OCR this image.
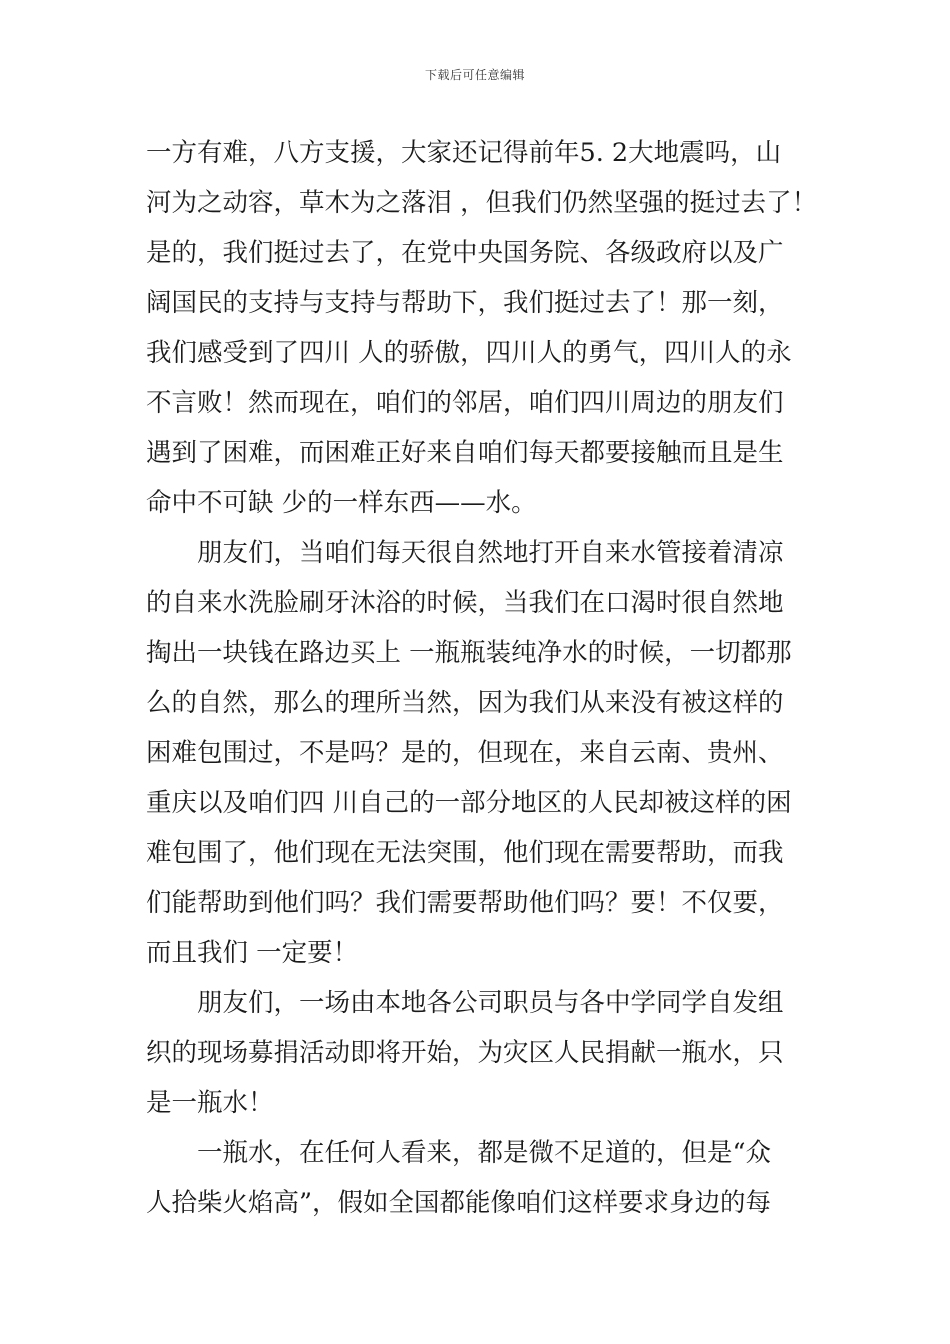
下载后可任意编辑
一方有难，八方支援，大家还记得前年5. 2大地震吗，山
河为之动容，草木为之落泪 ，但我们仍然坚强的挺过去了！
是的，我们挺过去了，在党中央国务院、各级政府以及广
阔国民的支持与支持与帮助下，我们挺过去了！那一刻，
我们感受到了四川 人的骄傲，四川人的勇气，四川人的永
不言败！然而现在，咱们的邻居，咱们四川周边的朋友们
遇到了困难，而困难正好来自咱们每天都要接触而且是生
命中不可缺 少的一样东西——水。
　　朋友们，当咱们每天很自然地打开自来水管接着清凉
的自来水洗脸刷牙沐浴的时候，当我们在口渴时很自然地
掏出一块钱在路边买上 一瓶瓶装纯净水的时候，一切都那
么的自然，那么的理所当然，因为我们从来没有被这样的
困难包围过，不是吗？是的，但现在，来自云南、贵州、
重庆以及咱们四 川自己的一部分地区的人民却被这样的困
难包围了，他们现在无法突围，他们现在需要帮助，而我
们能帮助到他们吗？我们需要帮助他们吗？要！不仅要，
而且我们 一定要！
　　朋友们，一场由本地各公司职员与各中学同学自发组
织的现场募捐活动即将开始，为灾区人民捐献一瓶水，只
是一瓶水！
　　一瓶水，在任何人看来，都是微不足道的，但是“众
人拾柴火焰高”，假如全国都能像咱们这样要求身边的每
